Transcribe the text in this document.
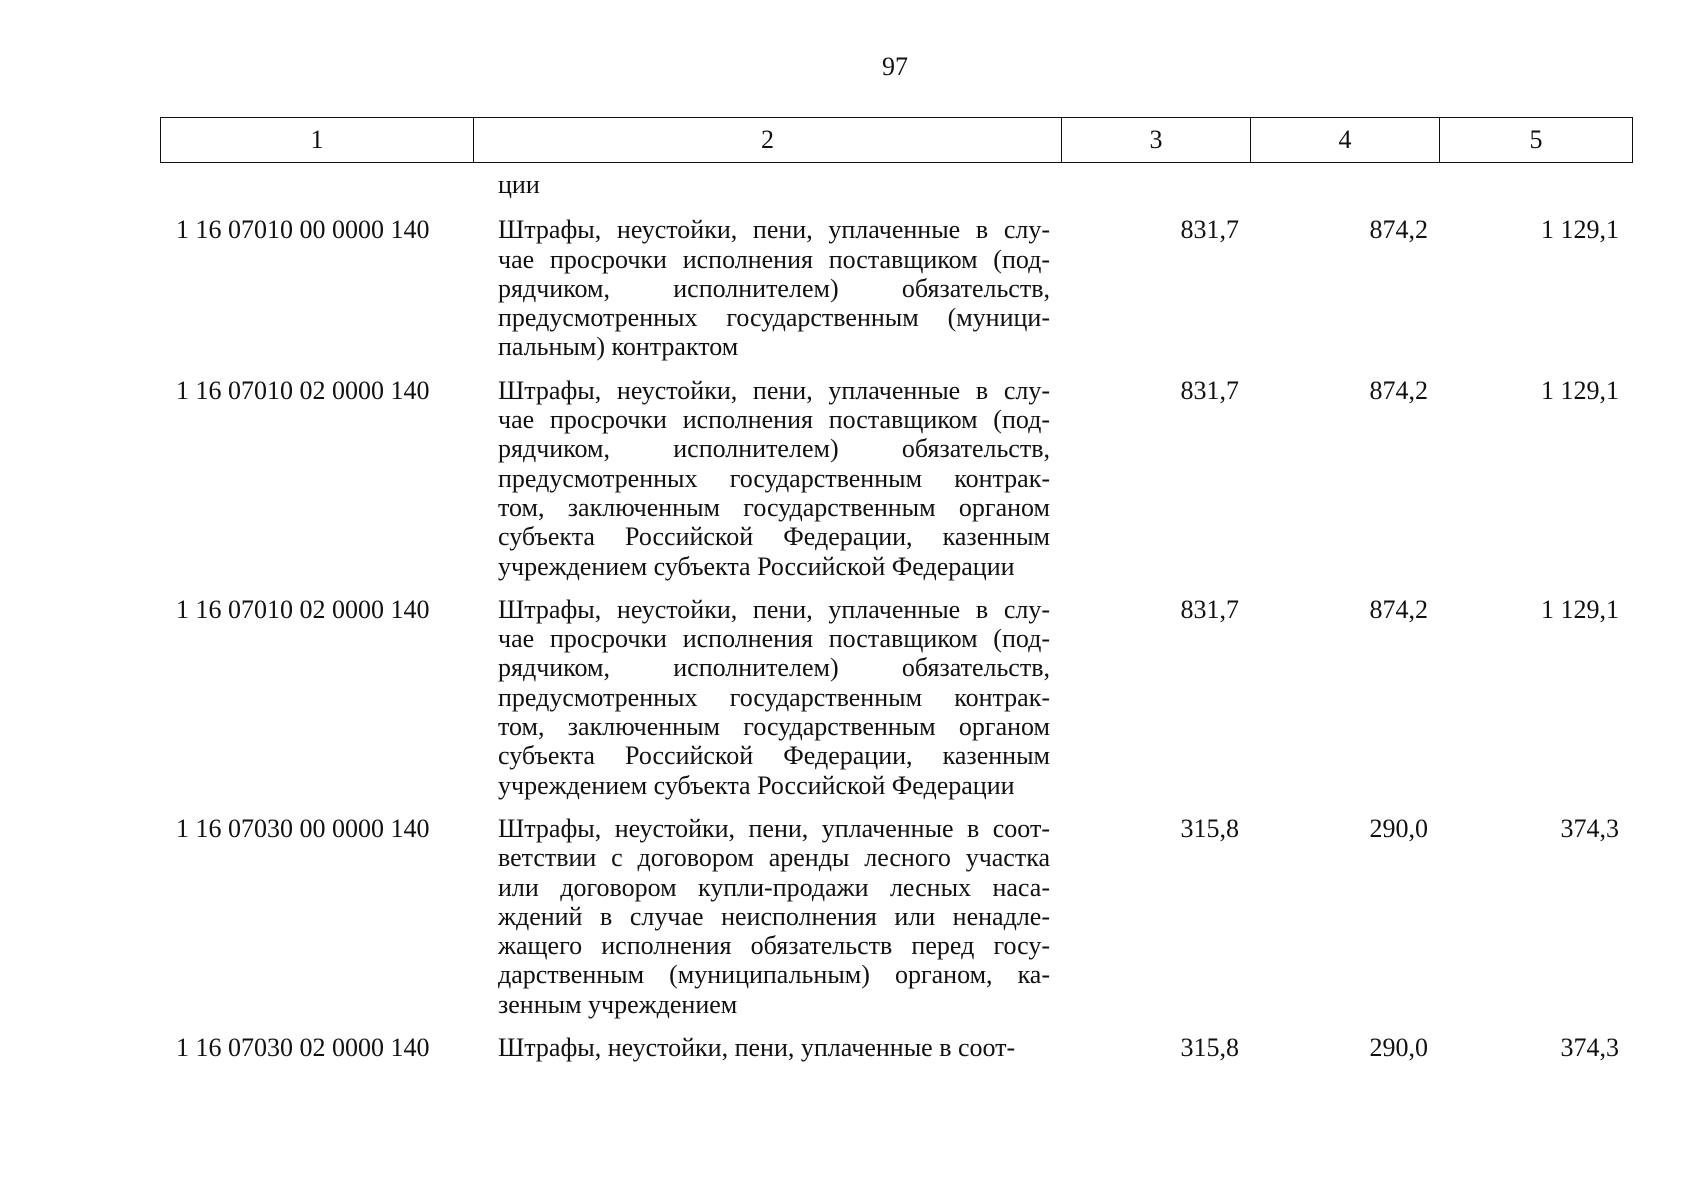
97
1	2	3	4	5
ции
1 16 07010 00 0000 140	Штрафы, неустойки, пени, уплаченные в слу-
чае просрочки исполнения поставщиком (под-
рядчиком, исполнителем) обязательств,
предусмотренных государственным (муници-
пальным) контрактом
831,7	874,2	1 129,1
1 16 07010 02 0000 140	Штрафы, неустойки, пени, уплаченные в слу-
чае просрочки исполнения поставщиком (под-
рядчиком, исполнителем) обязательств,
предусмотренных государственным контрак-
том, заключенным государственным органом
субъекта Российской Федерации, казенным
учреждением субъекта Российской Федерации
831,7	874,2	1 129,1
1 16 07010 02 0000 140	Штрафы, неустойки, пени, уплаченные в слу-
чае просрочки исполнения поставщиком (под-
рядчиком, исполнителем) обязательств,
предусмотренных государственным контрак-
том, заключенным государственным органом
субъекта Российской Федерации, казенным
учреждением субъекта Российской Федерации
831,7	874,2	1 129,1
1 16 07030 00 0000 140	Штрафы, неустойки, пени, уплаченные в соот-
ветствии с договором аренды лесного участка
или договором купли-продажи лесных наса-
ждений в случае неисполнения или ненадле-
жащего исполнения обязательств перед госу-
дарственным (муниципальным) органом, ка-
зенным учреждением
315,8	290,0	374,3
1 16 07030 02 0000 140	Штрафы, неустойки, пени, уплаченные в соот-	315,8	290,0	374,3
